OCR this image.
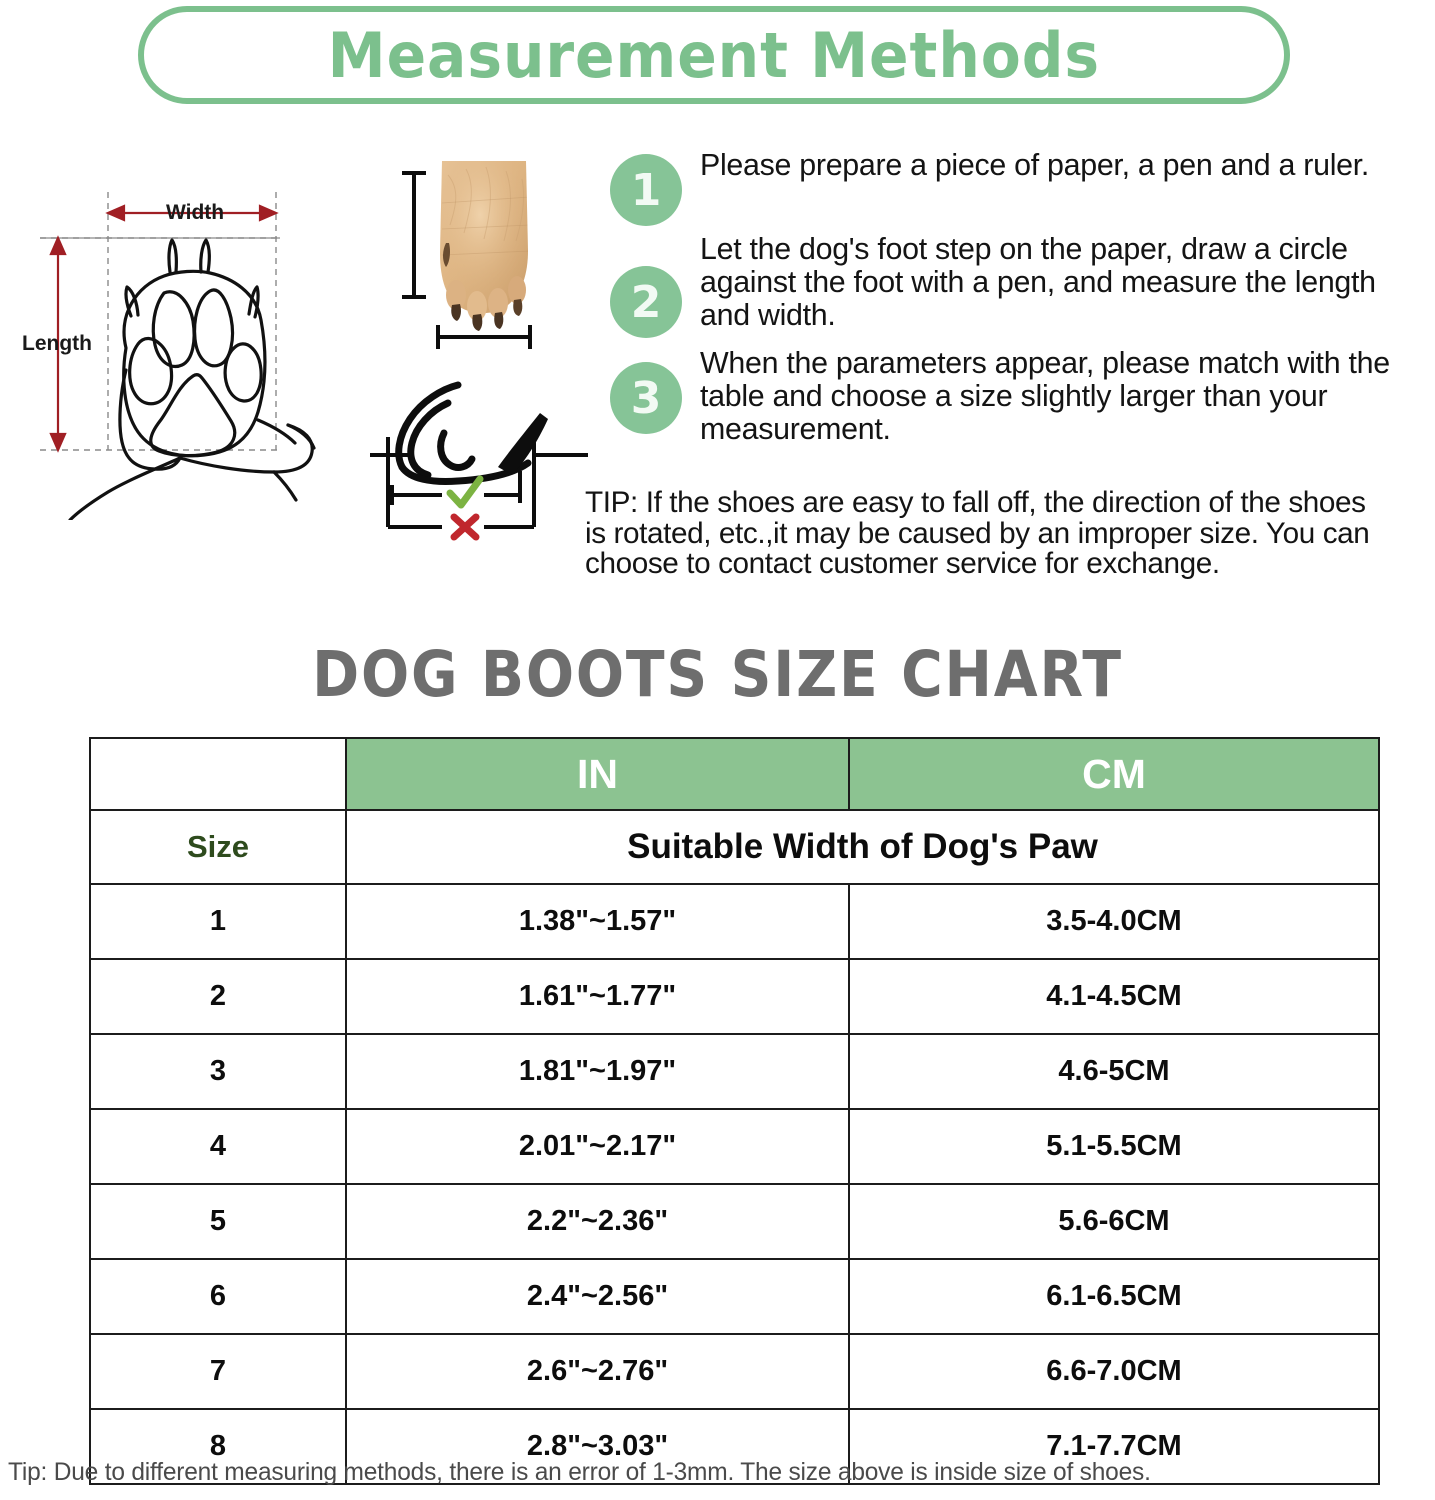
Measurement Methods
Width
Length
1	Please prepare a piece of paper, a pen and a ruler.
2
Let the dog's foot step on the paper, draw a circle against the foot with a pen, and measure the length and width.
3
When the parameters appear, please match with the table and choose a size slightly larger than your measurement.
TIP: If the shoes are easy to fall off, the direction of the shoes is rotated, etc.,it may be caused by an improper size. You can choose to contact customer service for exchange.
DOG BOOTS SIZE CHART
	IN	CM
Size	Suitable Width of Dog's Paw	
1	1.38"~1.57"	3.5-4.0CM
2	1.61"~1.77"	4.1-4.5CM
3	1.81"~1.97"	4.6-5CM
4	2.01"~2.17"	5.1-5.5CM
5	2.2"~2.36"	5.6-6CM
6	2.4"~2.56"	6.1-6.5CM
7	2.6"~2.76"	6.6-7.0CM
8	2.8"~3.03"	7.1-7.7CM
Tip: Due to different measuring methods, there is an error of 1-3mm. The size above is inside size of shoes.
